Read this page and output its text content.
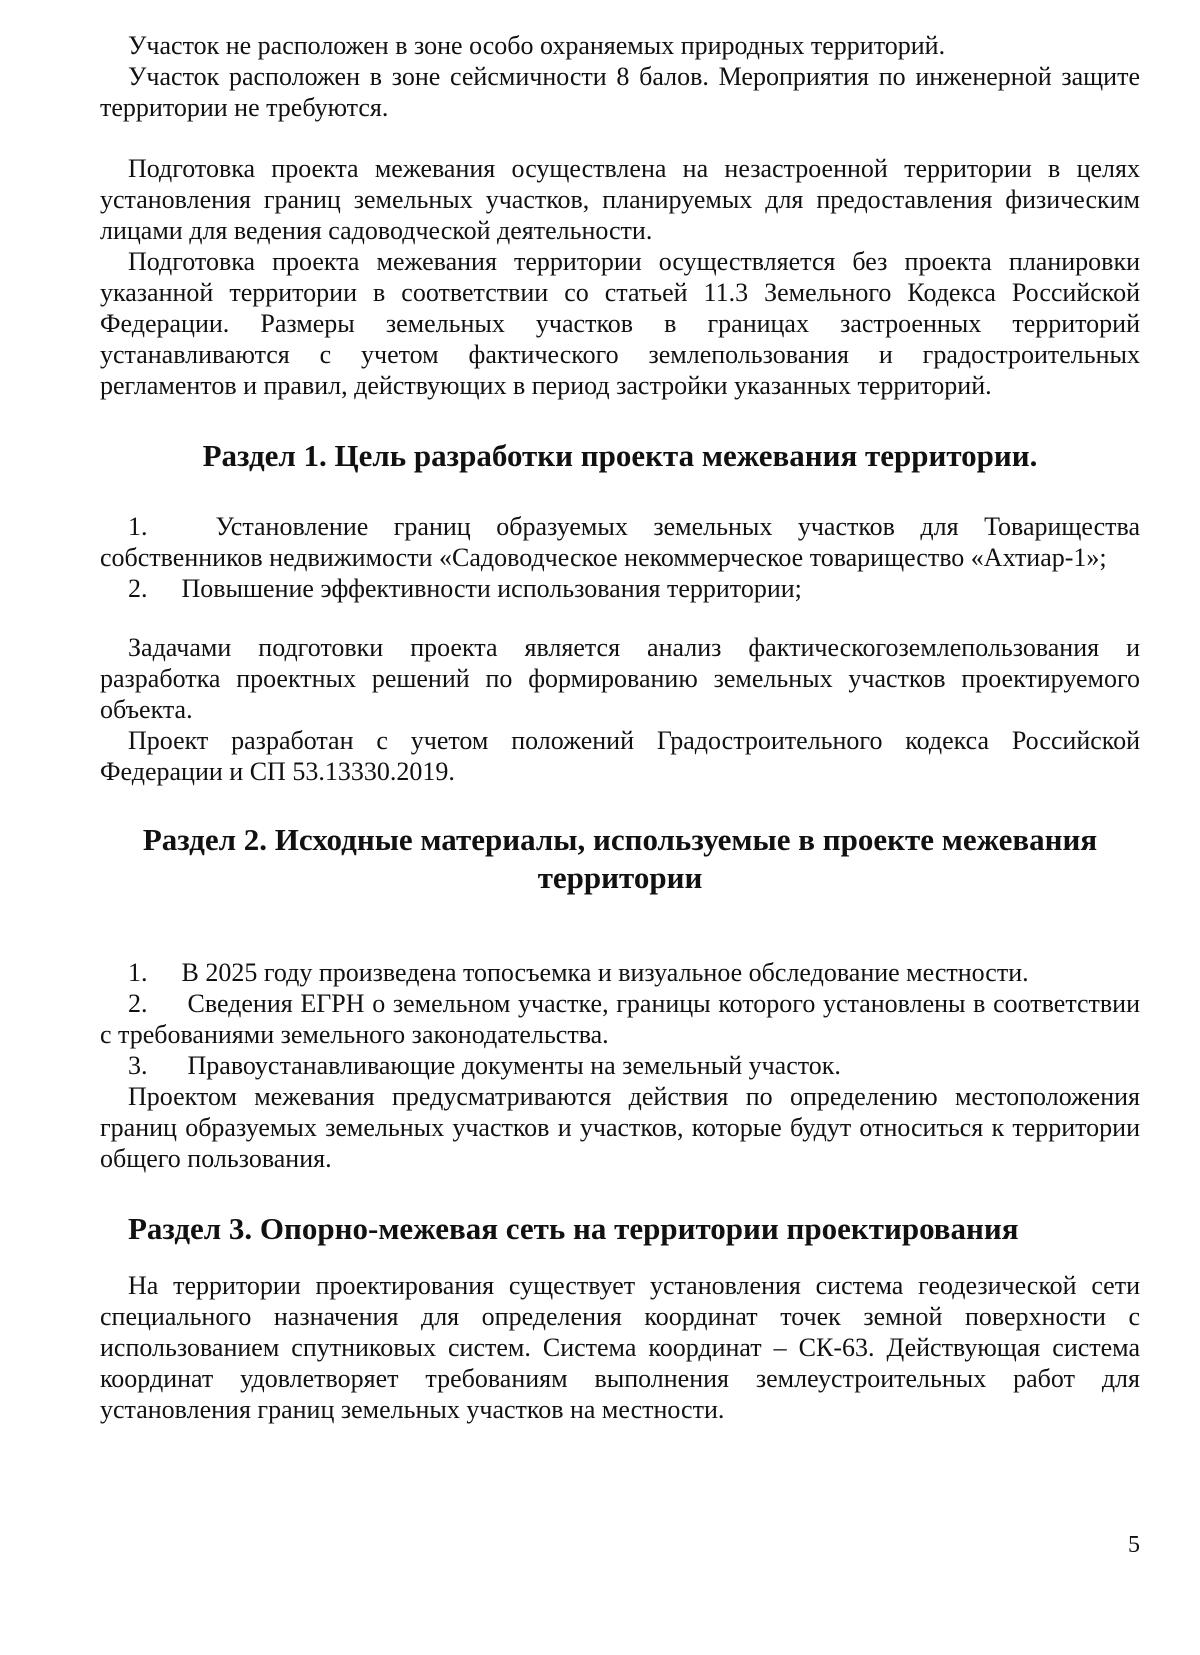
Участок не расположен в зоне особо охраняемых природных территорий.

Участок расположен в зоне сейсмичности 8 балов. Мероприятия по инженерной защите территории не требуются.

Подготовка проекта межевания осуществлена на незастроенной территории в целях установления границ земельных участков, планируемых для предоставления физическим лицами для ведения садоводческой деятельности.

Подготовка проекта межевания территории осуществляется без проекта планировки указанной территории в соответствии со статьей 11.3 Земельного Кодекса Российской Федерации. Размеры земельных участков в границах застроенных территорий устанавливаются с учетом фактического землепользования и градостроительных регламентов и правил, действующих в период застройки указанных территорий.

Раздел 1. Цель разработки проекта межевания территории.

1.	Установление границ образуемых земельных участков для Товарищества собственников недвижимости «Садоводческое некоммерческое товарищество «Ахтиар-1»;

2. Повышение эффективности использования территории;

Задачами подготовки проекта является анализ фактическогоземлепользования и разработка проектных решений по формированию земельных участков проектируемого объекта.

Проект разработан с учетом положений Градостроительного кодекса Российской Федерации и СП 53.13330.2019.

Раздел 2. Исходные материалы, используемые в проекте межевания
территории

1. В 2025 году произведена топосъемка и визуальное обследование местности.

2. Сведения ЕГРН о земельном участке, границы которого установлены в соответствии с требованиями земельного законодательства.

3. Правоустанавливающие документы на земельный участок.

Проектом межевания предусматриваются действия по определению местоположения границ образуемых земельных участков и участков, которые будут относиться к территории общего пользования.

Раздел 3. Опорно-межевая сеть на территории проектирования

На территории проектирования существует установления система геодезической сети специального назначения для определения координат точек земной поверхности с использованием спутниковых систем. Система координат – СК-63. Действующая система координат удовлетворяет требованиям выполнения землеустроительных работ для установления границ земельных участков на местности.

5
